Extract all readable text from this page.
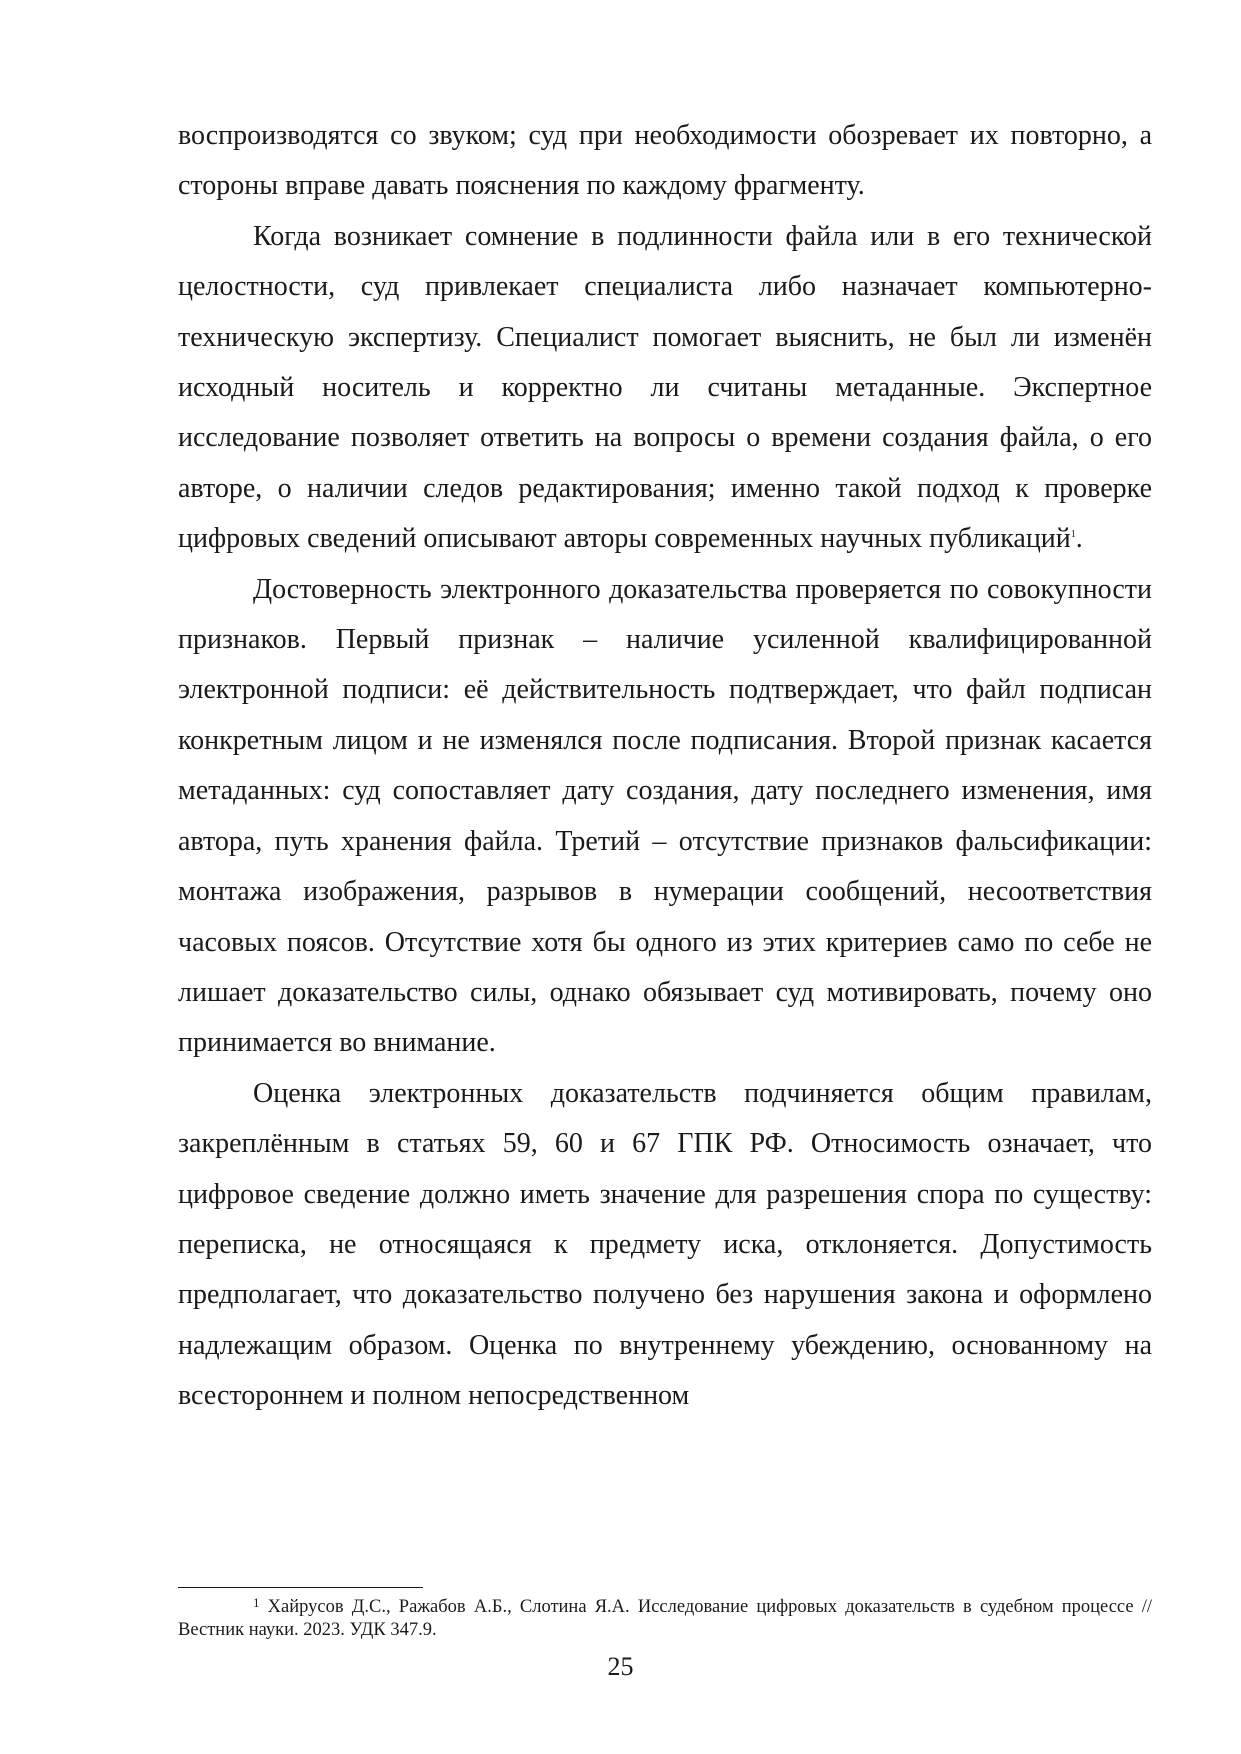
воспроизводятся со звуком; суд при необходимости обозревает их повторно, а стороны вправе давать пояснения по каждому фрагменту.

Когда возникает сомнение в подлинности файла или в его технической целостности, суд привлекает специалиста либо назначает компьютерно-техническую экспертизу. Специалист помогает выяснить, не был ли изменён исходный носитель и корректно ли считаны метаданные. Экспертное исследование позволяет ответить на вопросы о времени создания файла, о его авторе, о наличии следов редактирования; именно такой подход к проверке цифровых сведений описывают авторы современных научных публикаций$^1$.

Достоверность электронного доказательства проверяется по совокупности признаков. Первый признак – наличие усиленной квалифицированной электронной подписи: её действительность подтверждает, что файл подписан конкретным лицом и не изменялся после подписания. Второй признак касается метаданных: суд сопоставляет дату создания, дату последнего изменения, имя автора, путь хранения файла. Третий – отсутствие признаков фальсификации: монтажа изображения, разрывов в нумерации сообщений, несоответствия часовых поясов. Отсутствие хотя бы одного из этих критериев само по себе не лишает доказательство силы, однако обязывает суд мотивировать, почему оно принимается во внимание.

Оценка электронных доказательств подчиняется общим правилам, закреплённым в статьях 59, 60 и 67 ГПК РФ. Относимость означает, что цифровое сведение должно иметь значение для разрешения спора по существу: переписка, не относящаяся к предмету иска, отклоняется. Допустимость предполагает, что доказательство получено без нарушения закона и оформлено надлежащим образом. Оценка по внутреннему убеждению, основанному на всестороннем и полном непосредственном

$^1$ Хайрусов Д.С., Ражабов А.Б., Слотина Я.А. Исследование цифровых доказательств в судебном процессе // Вестник науки. 2023. УДК 347.9.
25
